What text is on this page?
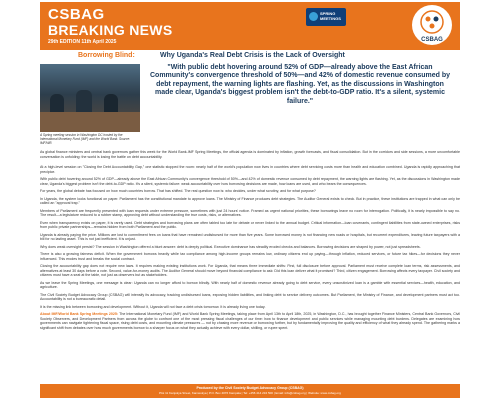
CSBAG
BREAKING NEWS
29th EDITION 11th April 2025
SPRING MEETINGS
CSBAG
Borrowing Blind:	Why Uganda's Real Debt Crisis is the Lack of Oversight
A Spring meeting session in Washington DC hosted by the International Monetary Fund (IMF) and the World Bank. Source: IMF/WB
"With public debt hovering around 52% of GDP—already above the East African Community's convergence threshold of 50%—and 42% of domestic revenue consumed by debt repayment, the warning lights are flashing. Yet, as the discussions in Washington made clear, Uganda's biggest problem isn't the debt-to-GDP ratio. It's a silent, systemic failure."
As global finance ministers and central bank governors gather this week for the World Bank-IMF Spring Meetings, the official agenda is dominated by inflation, growth forecasts, and fiscal consolidation. But in the corridors and side sessions, a more uncomfortable conversation is unfolding: the world is losing the battle on debt accountability.

At a high-level session on "Closing the Debt Accountability Gap," one statistic stopped the room: nearly half of the world's population now lives in countries where debt servicing costs more than health and education combined. Uganda is rapidly approaching that precipice.

With public debt hovering around 52% of GDP—already above the East African Community's convergence threshold of 50%—and 42% of domestic revenue consumed by debt repayment, the warning lights are flashing. Yet, as the discussions in Washington made clear, Uganda's biggest problem isn't the debt-to-GDP ratio. It's a silent, systemic failure: weak accountability over how borrowing decisions are made, how loans are used, and who bears the consequences.

For years, the global debate has focused on how much countries borrow. That has shifted. The real question now is: who decides, under what scrutiny, and for what purpose?

In Uganda, the system looks functional on paper. Parliament has the constitutional mandate to approve loans. The Ministry of Finance produces debt strategies. The Auditor General exists to check. But in practice, these institutions are trapped in what can only be called an "approval trap."

Members of Parliament are frequently presented with loan requests under extreme pressure, sometimes with just 24 hours' notice. Framed as urgent national priorities, these borrowings leave no room for interrogation. Politically, it is nearly impossible to say no. The result—a legislature reduced to a rubber stamp, approving debt without understanding the true costs, risks, or alternatives.

Even when transparency exists on paper, it is rarely used. Debt strategies and borrowing plans are often tabled too late for debate or never linked to the annual budget. Critical information—loan covenants, contingent liabilities from state-owned enterprises, risks from public private partnerships—remains hidden from both Parliament and the public.

Uganda is already paying the price. Millions are lost to commitment fees on loans that have remained undisbursed for more than five years. Some borrowed money is not financing new roads or hospitals, but recurrent expenditures, leaving future taxpayers with a bill for no lasting asset. This is not just inefficient. It is unjust.

Why does weak oversight persist? The session in Washington offered a blunt answer: debt is deeply political. Executive dominance has steadily eroded checks and balances. Borrowing decisions are shaped by power, not just spreadsheets.

There is also a growing fairness deficit. When the government borrows heavily while tax compliance among high-income groups remains low, ordinary citizens end up paying—through inflation, reduced services, or future tax hikes—for decisions they never influenced. This erodes trust and breaks the social contract.

Closing the accountability gap does not require new laws. It requires making existing institutions work. For Uganda, that means three immediate shifts: First, full disclosure before approval. Parliament must receive complete loan terms, risk assessments, and alternatives at least 30 days before a vote. Second, value-for-money audits. The Auditor General should move beyond financial compliance to ask: Did this loan deliver what it promised? Third, citizen engagement. Borrowing affects every taxpayer. Civil society and citizens must have a seat at the table, not just as observers but as stakeholders.

As we leave the Spring Meetings, one message is clear: Uganda can no longer afford to borrow blindly. With nearly half of domestic revenue already going to debt service, every unscrutinized loan is a gamble with essential services—health, education, and agriculture.

The Civil Society Budget Advocacy Group (CSBAG) will intensify its advocacy, tracking undisbursed loans, exposing hidden liabilities, and linking debt to service delivery outcomes. But Parliament, the Ministry of Finance, and development partners must act too. Accountability is not a bureaucratic detail.

It is the missing link between borrowing and development. Without it, Uganda will not face a debt crisis tomorrow. It is already living one today.

About IMF/World Bank Spring Meetings 2025: The International Monetary Fund (IMF) and World Bank Spring Meetings, taking place from April 13th to April 18th, 2025, in Washington, D.C., has brought together Finance Ministers, Central Bank Governors, Civil Society Observers, and Development Partners from across the globe to confront one of the most pressing fiscal challenges of our time: how to finance development and public services while managing mounting debt burdens. Delegates are examining how governments can navigate tightening fiscal space, rising debt costs, and mounting climate pressures — not by chasing more revenue or borrowing further, but by fundamentally improving the quality and efficiency of what they already spend. The gathering marks a significant shift from debates over how much governments borrow to a sharper focus on what they actually achieve with every dollar, shilling, or rupee spent.

Produced by the Civil Society Budget Advocacy Group (CSBAG)
Plot 11 Kanjokya Street, Kamwokya | P.O. Box 4076 Kampala | Tel: +256 414 234 500 | Email: info@csbag.org | Website: www.csbag.org
